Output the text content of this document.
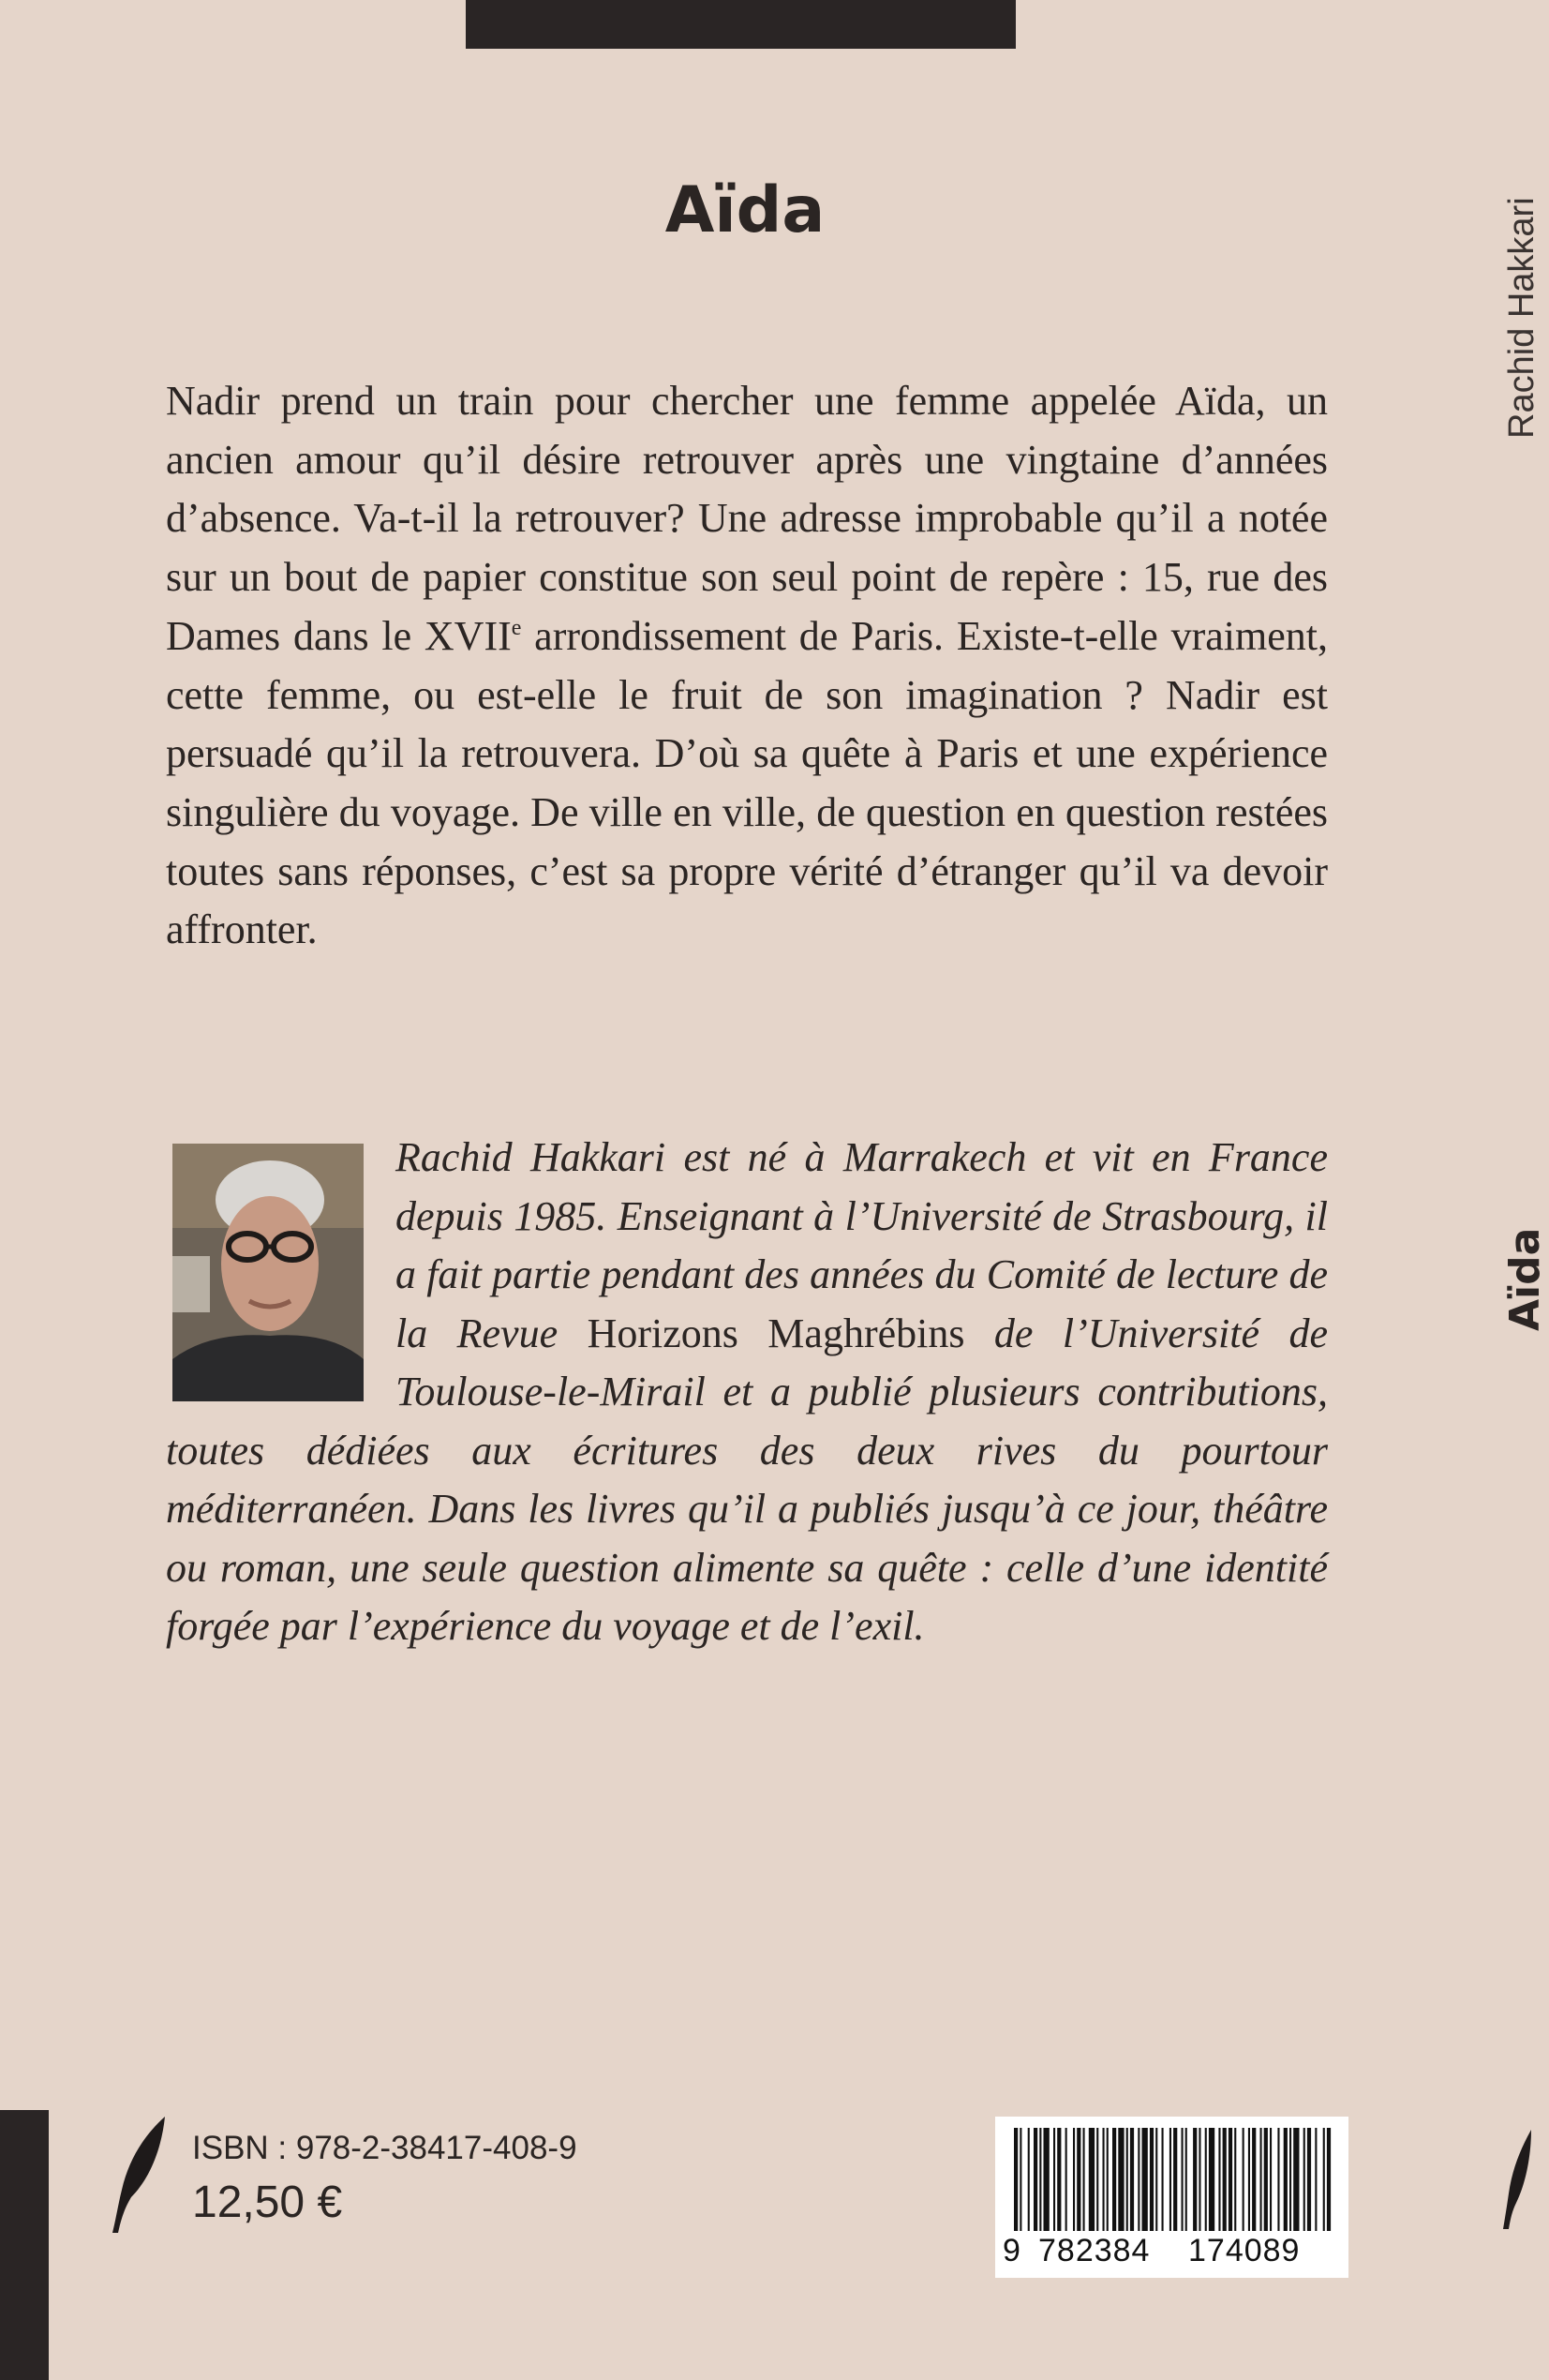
Aïda

Nadir prend un train pour chercher une femme appelée Aïda, un ancien amour qu’il désire retrouver après une vingtaine d’années d’absence. Va-t-il la retrouver? Une adresse improbable qu’il a notée sur un bout de papier constitue son seul point de repère : 15, rue des Dames dans le XVIIe arrondissement de Paris. Existe-t-elle vraiment, cette femme, ou est-elle le fruit de son imagination ? Nadir est persuadé qu’il la retrouvera. D’où sa quête à Paris et une expérience singulière du voyage. De ville en ville, de question en question restées toutes sans réponses, c’est sa propre vérité d’étranger qu’il va devoir affronter.

Rachid Hakkari est né à Marrakech et vit en France depuis 1985. Enseignant à l’Université de Strasbourg, il a fait partie pendant des années du Comité de lecture de la Revue Horizons Maghrébins de l’Université de Toulouse-le-Mirail et a publié plusieurs contributions, toutes dédiées aux écritures des deux rives du pourtour méditerranéen. Dans les livres qu’il a publiés jusqu’à ce jour, théâtre ou roman, une seule question alimente sa quête : celle d’une identité forgée par l’expérience du voyage et de l’exil.
Rachid Hakkari
Aïda

ISBN : 978-2-38417-408-9

12,50 €

9 782384 174089
